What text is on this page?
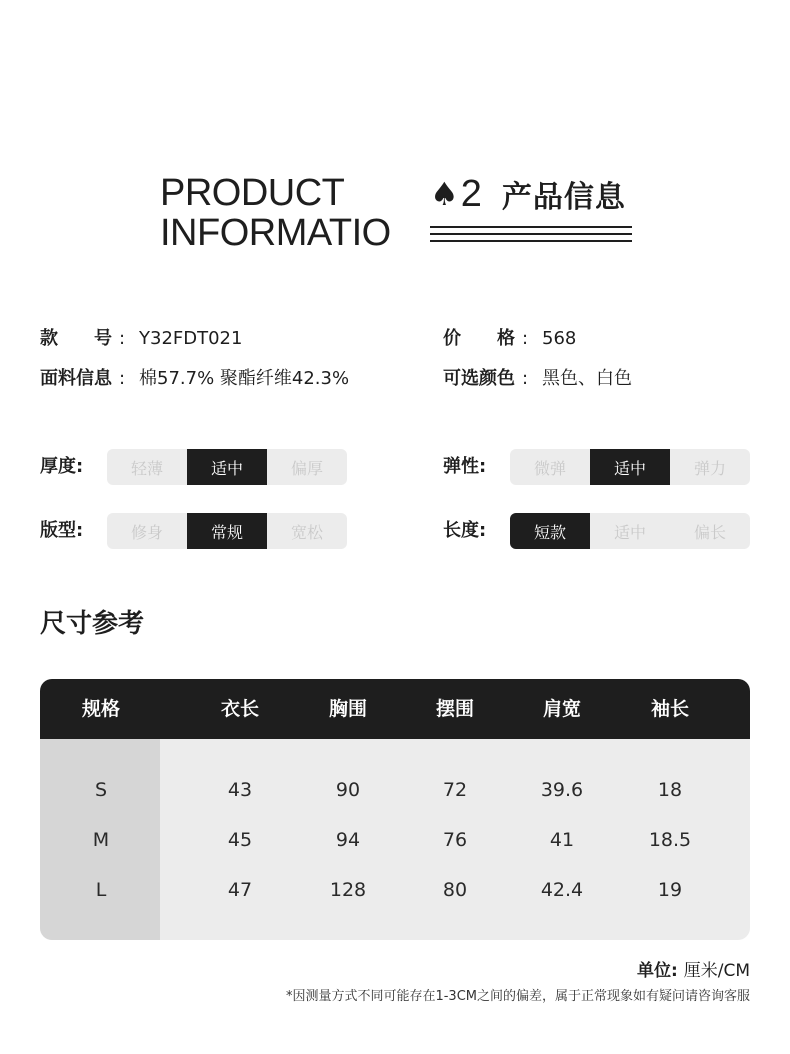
PRODUCT
INFORMATIO
♠ 2 产品信息
款　　号 : Y32FDT021	价　　格 : 568
面料信息 : 棉57.7% 聚酯纤维42.3%	可选颜色 : 黑色、白色
厚度:	轻薄	适中	偏厚	弹性:	微弹	适中	弹力
版型:	修身	常规	宽松	长度:	短款	适中	偏长
尺寸参考
规格	衣长	胸围	摆围	肩宽	袖长
S	43	90	72	39.6	18
M	45	94	76	41	18.5
L	47	128	80	42.4	19
单位: 厘米/CM
*因测量方式不同可能存在1-3CM之间的偏差，属于正常现象如有疑问请咨询客服
